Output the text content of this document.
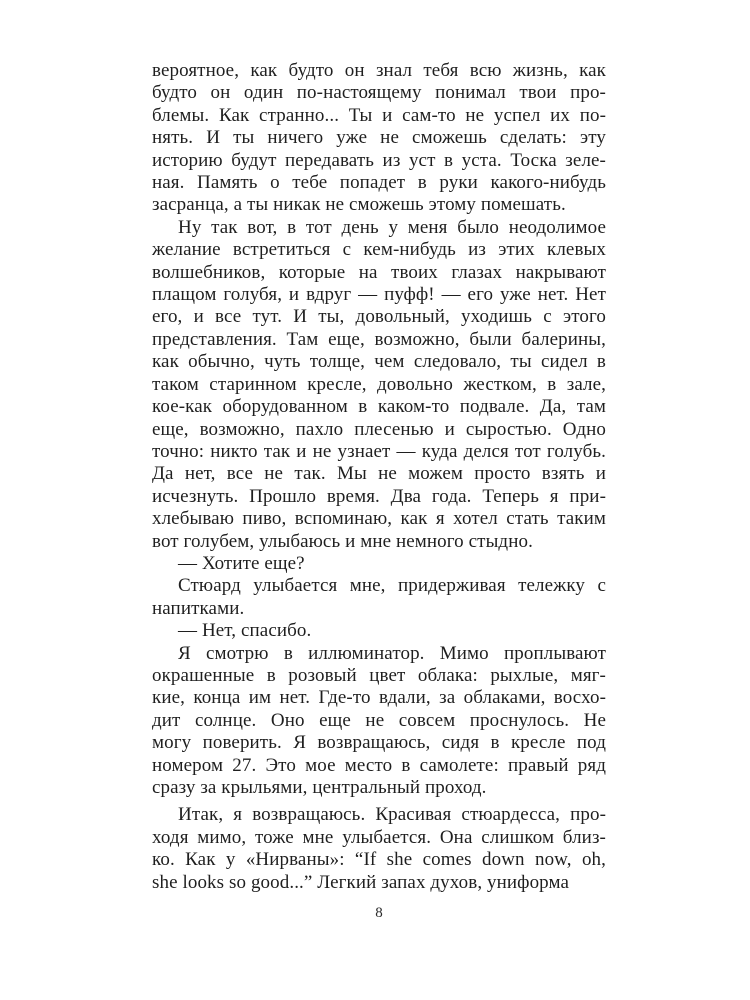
вероятное, как будто он знал тебя всю жизнь, как
будто он один по-настоящему понимал твои про-
блемы. Как странно... Ты и сам-то не успел их по-
нять. И ты ничего уже не сможешь сделать: эту
историю будут передавать из уст в уста. Тоска зеле-
ная. Память о тебе попадет в руки какого-нибудь
засранца, а ты никак не сможешь этому помешать.
Ну так вот, в тот день у меня было неодолимое
желание встретиться с кем-нибудь из этих клевых
волшебников, которые на твоих глазах накрывают
плащом голубя, и вдруг — пуфф! — его уже нет. Нет
его, и все тут. И ты, довольный, уходишь с этого
представления. Там еще, возможно, были балерины,
как обычно, чуть толще, чем следовало, ты сидел в
таком старинном кресле, довольно жестком, в зале,
кое-как оборудованном в каком-то подвале. Да, там
еще, возможно, пахло плесенью и сыростью. Одно
точно: никто так и не узнает — куда делся тот голубь.
Да нет, все не так. Мы не можем просто взять и
исчезнуть. Прошло время. Два года. Теперь я при-
хлебываю пиво, вспоминаю, как я хотел стать таким
вот голубем, улыбаюсь и мне немного стыдно.
— Хотите еще?
Стюард улыбается мне, придерживая тележку с
напитками.
— Нет, спасибо.
Я смотрю в иллюминатор. Мимо проплывают
окрашенные в розовый цвет облака: рыхлые, мяг-
кие, конца им нет. Где-то вдали, за облаками, восхо-
дит солнце. Оно еще не совсем проснулось. Не
могу поверить. Я возвращаюсь, сидя в кресле под
номером 27. Это мое место в самолете: правый ряд
сразу за крыльями, центральный проход.
Итак, я возвращаюсь. Красивая стюардесса, про-
ходя мимо, тоже мне улыбается. Она слишком близ-
ко. Как у «Нирваны»: “If she comes down now, oh,
she looks so good...” Легкий запах духов, униформа
8
